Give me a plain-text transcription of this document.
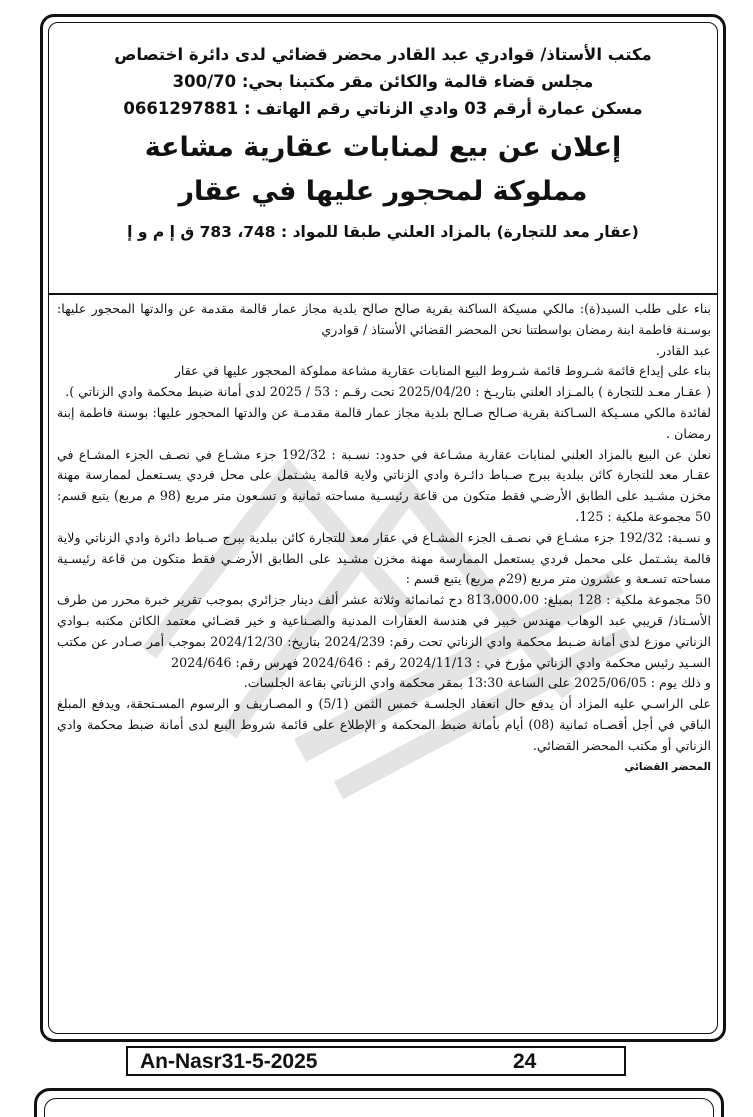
مكتب الأستاذ/ قوادري عبد القادر محضر قضائي لدى دائرة اختصاص
مجلس قضاء قالمة والكائن مقر مكتبنا بحي: 300/70
مسكن عمارة أرقم 03 وادي الزناتي رقم الهاتف : 0661297881
إعلان عن بيع لمنابات عقارية مشاعة
مملوكة لمحجور عليها في عقار
(عقار معد للتجارة) بالمزاد العلني طبقا للمواد : 748، 783 ق إ م و إ

بناء على طلب السيد(ة): مالكي مسيكة الساكنة بقرية صالح صالح بلدية مجاز عمار قالمة مقدمة عن والدتها المحجور عليها: بوسـنة فاطمة ابنة رمضان بواسطتنا نحن المحضر القضائي الأستاذ / قوادري

عبد القادر.

بناء على إيداع قائمة شـروط قائمة شـروط البيع المنابات عقارية مشاعة مملوكة المحجور عليها في عقار

( عقـار معـد للتجارة ) بالمـزاد العلني بتاريـخ : 2025/04/20 تحت رقـم : 53 / 2025 لدى أمانة ضبط محكمة وادي الزناتي ).

لفائدة مالكي مسـيكة السـاكنة بقرية صـالح صـالح بلدية مجاز عمار قالمة مقدمـة عن والدتها المحجور عليها: بوسنة فاطمة إبنة رمضان .

نعلن عن البيع بالمزاد العلني لمنابات عقارية مشـاعة في حدود: نسـبة : 192/32 جزء مشـاع في نصـف الجزء المشـاع في عقـار معد للتجارة كائن ببلدية ببرج صـباط دائـرة وادي الزناتي ولاية قالمة يشـتمل على محل فردي يسـتعمل لممارسة مهنة مخزن مشـيد على الطابق الأرضـي فقط متكون من قاعة رئيسـية مساحته ثمانية و تسـعون متر مربع (98 م مربع) يتبع قسم: 50 مجموعة ملكية : 125.

و نسـبة: 192/32 جزء مشـاع في نصـف الجزء المشـاع في عقار معد للتجارة كائن ببلدية ببرج صـباط دائرة وادي الزناتي ولاية قالمة يشـتمل على محمل فردي يستعمل الممارسة مهنة مخزن مشـيد على الطابق الأرضـي فقط متكون من قاعة رئيسـية مساحته تسـعة و عشرون متر مربع (29م مربع) يتبع قسم :

50 مجموعة ملكية : 128 بمبلغ: 813،000،00 دج ثمانمائة وثلاثة عشر ألف دينار جزائري بموجب تقرير خبرة محرر من طرف الأسـتاذ/ قريبي عبد الوهاب مهندس خبير في هندسة العقارات المدنية والصـناعية و خير قضـائي معتمد الكائن مكتبه بـوادي الزناتي موزع لدى أمانة ضـبط محكمة وادي الزناتي تحت رقم: 2024/239 بتاريخ: 2024/12/30 بموجب أمر صـادر عن مكتب السـيد رئيس محكمة وادي الزناتي مؤرخ في : 2024/11/13 رقم : 2024/646 فهرس رقم: 2024/646

و ذلك يوم : 2025/06/05 على الساعة 13:30 بمقر محكمة وادي الزناتي بقاعة الجلسات.

على الراسـي عليه المزاد أن يدفع حال انعقاد الجلسـة خمس الثمن (5/1) و المصـاريف و الرسوم المسـتحقة، ويدفع المبلغ الباقي في أجل أقصـاه ثمانية (08) أيام بأمانة ضبط المحكمة و الإطلاع على قائمة شروط البيع لدى أمانة ضبط محكمة وادي الزناتي أو مكتب المحضر القضائي.

المحضر القضائي

An-Nasr31-5-2025	24
